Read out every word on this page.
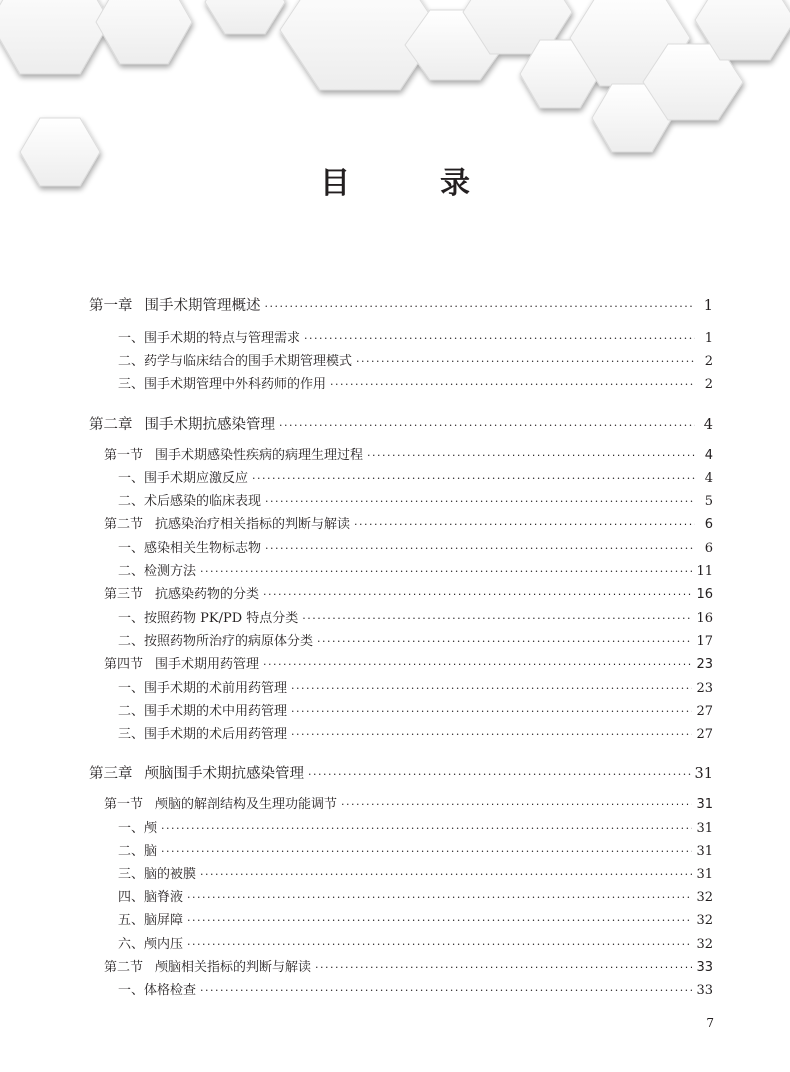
目　录
第一章 围手术期管理概述 ·····	1
一、围手术期的特点与管理需求 ·····	1
二、药学与临床结合的围手术期管理模式 ·····	2
三、围手术期管理中外科药师的作用 ·····	2
第二章 围手术期抗感染管理 ·····	4
第一节 围手术期感染性疾病的病理生理过程 ·····	4
一、围手术期应激反应 ·····	4
二、术后感染的临床表现 ·····	5
第二节 抗感染治疗相关指标的判断与解读 ·····	6
一、感染相关生物标志物 ·····	6
二、检测方法 ·····	11
第三节 抗感染药物的分类 ·····	16
一、按照药物 PK/PD 特点分类 ·····	16
二、按照药物所治疗的病原体分类 ·····	17
第四节 围手术期用药管理 ·····	23
一、围手术期的术前用药管理 ·····	23
二、围手术期的术中用药管理 ·····	27
三、围手术期的术后用药管理 ·····	27
第三章 颅脑围手术期抗感染管理 ·····	31
第一节 颅脑的解剖结构及生理功能调节 ·····	31
一、颅 ·····	31
二、脑 ·····	31
三、脑的被膜 ·····	31
四、脑脊液 ·····	32
五、脑屏障 ·····	32
六、颅内压 ·····	32
第二节 颅脑相关指标的判断与解读 ·····	33
一、体格检查 ·····	33
7
